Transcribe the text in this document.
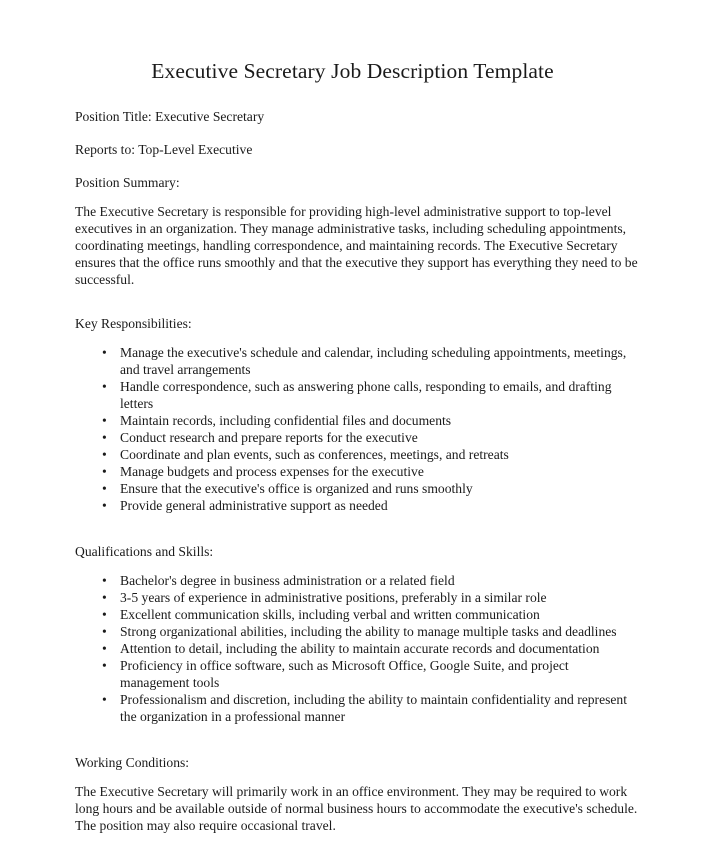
Executive Secretary Job Description Template

Position Title: Executive Secretary

Reports to: Top-Level Executive

Position Summary:

The Executive Secretary is responsible for providing high-level administrative support to top-level executives in an organization. They manage administrative tasks, including scheduling appointments, coordinating meetings, handling correspondence, and maintaining records. The Executive Secretary ensures that the office runs smoothly and that the executive they support has everything they need to be successful.

Key Responsibilities:

• Manage the executive's schedule and calendar, including scheduling appointments, meetings, and travel arrangements
• Handle correspondence, such as answering phone calls, responding to emails, and drafting letters
• Maintain records, including confidential files and documents
• Conduct research and prepare reports for the executive
• Coordinate and plan events, such as conferences, meetings, and retreats
• Manage budgets and process expenses for the executive
• Ensure that the executive's office is organized and runs smoothly
• Provide general administrative support as needed

Qualifications and Skills:

• Bachelor's degree in business administration or a related field
• 3-5 years of experience in administrative positions, preferably in a similar role
• Excellent communication skills, including verbal and written communication
• Strong organizational abilities, including the ability to manage multiple tasks and deadlines
• Attention to detail, including the ability to maintain accurate records and documentation
• Proficiency in office software, such as Microsoft Office, Google Suite, and project management tools
• Professionalism and discretion, including the ability to maintain confidentiality and represent the organization in a professional manner

Working Conditions:

The Executive Secretary will primarily work in an office environment. They may be required to work long hours and be available outside of normal business hours to accommodate the executive's schedule. The position may also require occasional travel.
